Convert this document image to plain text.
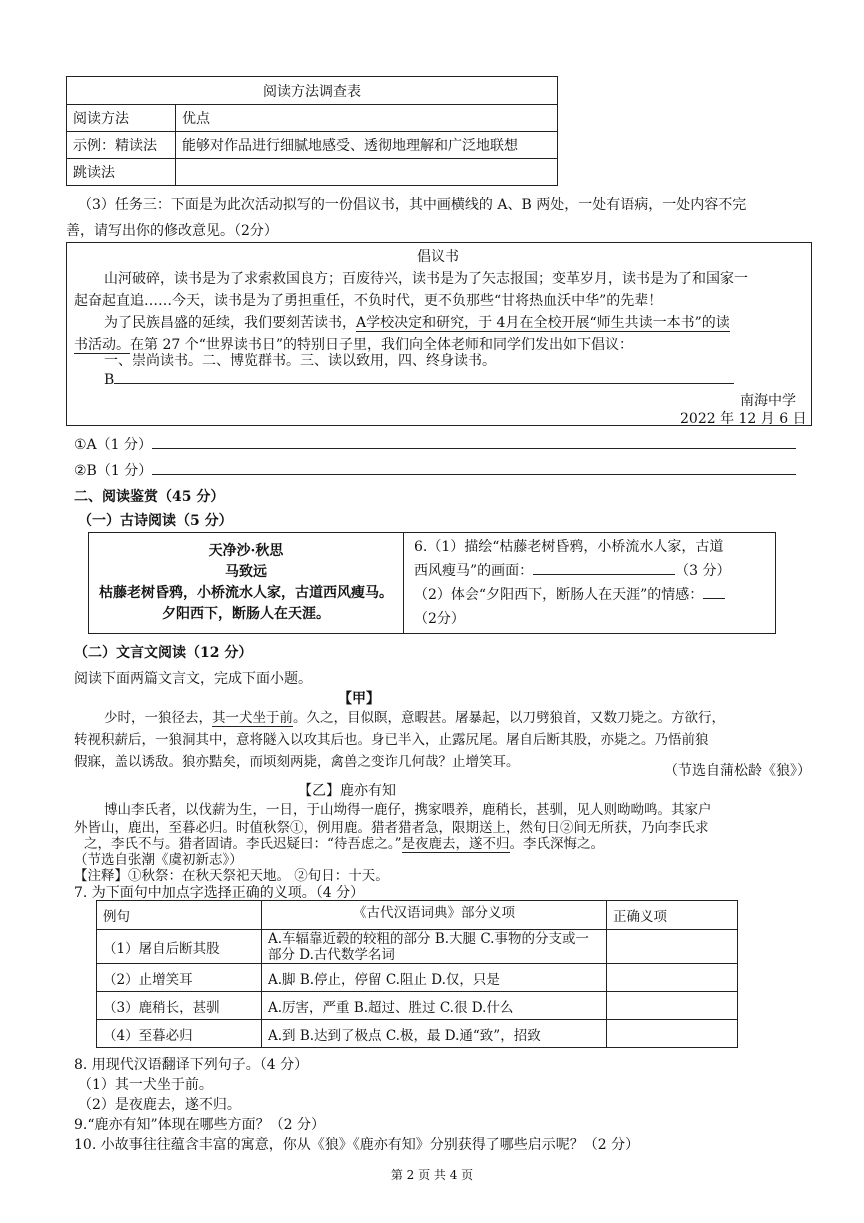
阅读方法调查表	
阅读方法	优点
示例：精读法	能够对作品进行细腻地感受、透彻地理解和广泛地联想
跳读法	
（3）任务三：下面是为此次活动拟写的一份倡议书，其中画横线的 A、B 两处，一处有语病，一处内容不完
善，请写出你的修改意见。（2分）
倡议书
山河破碎，读书是为了求索救国良方；百废待兴，读书是为了矢志报国；变革岁月，读书是为了和国家一
起奋起直追……今天，读书是为了勇担重任，不负时代，更不负那些“甘将热血沃中华”的先辈！
为了民族昌盛的延续，我们要刻苦读书，A学校决定和研究，于 4月在全校开展“师生共读一本书”的读
书活动。在第 27 个“世界读书日”的特别日子里，我们向全体老师和同学们发出如下倡议：
一、崇尚读书。二、博览群书。三、读以致用，四、终身读书。
B
南海中学
2022 年 12 月 6 日
①A（1 分）
②B（1 分）
二、阅读鉴赏（45 分）
（一）古诗阅读（5 分）
天净沙·秋思
马致远
枯藤老树昏鸦，小桥流水人家，古道西风瘦马。
夕阳西下，断肠人在天涯。

6.（1）描绘“枯藤老树昏鸦，小桥流水人家，古道
西风瘦马”的画面：	（3 分）
（2）体会“夕阳西下，断肠人在天涯”的情感：
（2分）
（二）文言文阅读（12 分）
阅读下面两篇文言文，完成下面小题。
【甲】
少时，一狼径去，其一犬坐于前。久之，目似瞑，意暇甚。屠暴起，以刀劈狼首，又数刀毙之。方欲行，
转视积薪后，一狼洞其中，意将隧入以攻其后也。身已半入，止露尻尾。屠自后断其股，亦毙之。乃悟前狼
假寐，盖以诱敌。狼亦黠矣，而顷刻两毙，禽兽之变诈几何哉？止增笑耳。
（节选自蒲松龄《狼》）
【乙】鹿亦有知
博山李氏者，以伐薪为生，一日，于山坳得一鹿仔，携家喂养，鹿稍长，甚驯，见人则呦呦鸣。其家户
外皆山，鹿出，至暮必归。时值秋祭①，例用鹿。猎者猎者急，限期送上，然旬日②间无所获，乃向李氏求
之，李氏不与。猎者固请。李氏迟疑曰：“待吾虑之。”是夜鹿去，遂不归。李氏深悔之。
（节选自张潮《虞初新志》）
【注释】①秋祭：在秋天祭祀天地。 ②旬日：十天。
7. 为下面句中加点字选择正确的义项。（4 分）
例句	《古代汉语词典》部分义项	正确义项
（1）屠自后断其股	A.车辐靠近毂的较粗的部分 B.大腿 C.事物的分支或一部分 D.古代数学名词	
（2）止增笑耳	A.脚 B.停止，停留 C.阻止 D.仅，只是	
（3）鹿稍长，甚驯	A.厉害，严重 B.超过、胜过 C.很 D.什么	
（4）至暮必归	A.到 B.达到了极点 C.极，最 D.通“致”，招致	
8. 用现代汉语翻译下列句子。（4 分）
（1）其一犬坐于前。
（2）是夜鹿去，遂不归。
9.“鹿亦有知”体现在哪些方面？（2 分）
10. 小故事往往蕴含丰富的寓意，你从《狼》《鹿亦有知》分别获得了哪些启示呢？（2 分）
第 2 页 共 4 页
